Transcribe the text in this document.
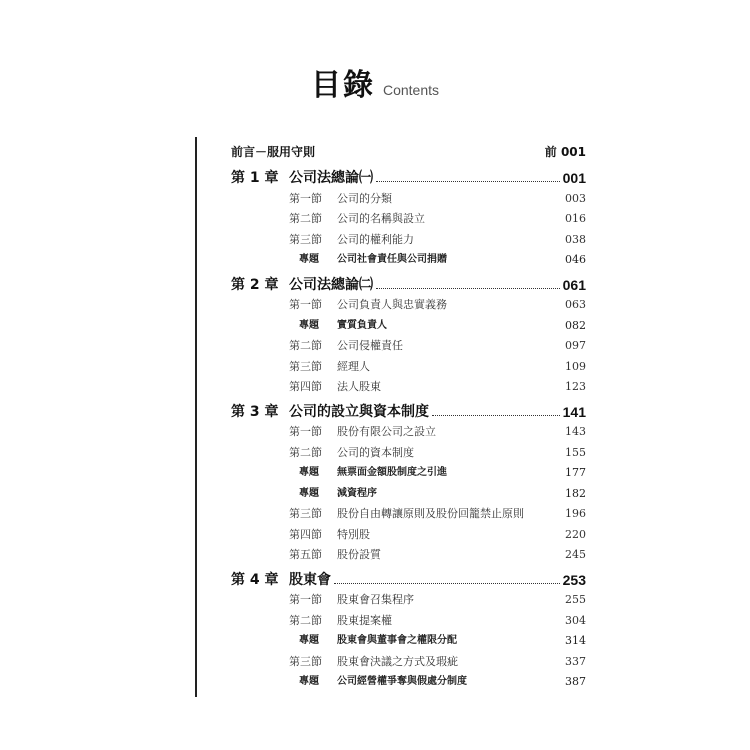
目錄 Contents
前言－服用守則	前 001
第 1 章 公司法總論㈠	001
第一節 公司的分類	003
第二節 公司的名稱與設立	016
第三節 公司的權利能力	038
專題 公司社會責任與公司捐贈	046
第 2 章 公司法總論㈡	061
第一節 公司負責人與忠實義務	063
專題 實質負責人	082
第二節 公司侵權責任	097
第三節 經理人	109
第四節 法人股東	123
第 3 章 公司的設立與資本制度	141
第一節 股份有限公司之設立	143
第二節 公司的資本制度	155
專題 無票面金額股制度之引進	177
專題 減資程序	182
第三節 股份自由轉讓原則及股份回籠禁止原則	196
第四節 特別股	220
第五節 股份設質	245
第 4 章 股東會	253
第一節 股東會召集程序	255
第二節 股東提案權	304
專題 股東會與董事會之權限分配	314
第三節 股東會決議之方式及瑕疵	337
專題 公司經營權爭奪與假處分制度	387
